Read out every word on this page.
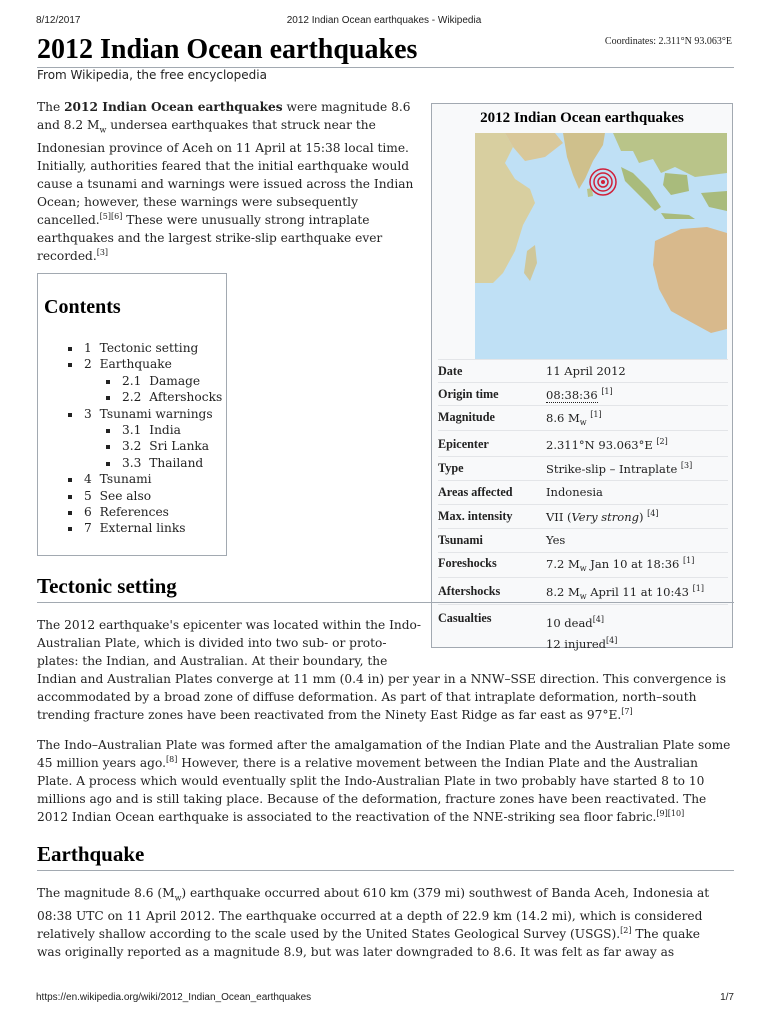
8/12/2017	2012 Indian Ocean earthquakes - Wikipedia
Coordinates: 2.311°N 93.063°E
2012 Indian Ocean earthquakes
From Wikipedia, the free encyclopedia

The 2012 Indian Ocean earthquakes were magnitude 8.6
and 8.2 $M_w$ undersea earthquakes that struck near the
Indonesian province of Aceh on 11 April at 15:38 local time.
Initially, authorities feared that the initial earthquake would
cause a tsunami and warnings were issued across the Indian
Ocean; however, these warnings were subsequently
cancelled.[5][6] These were unusually strong intraplate
earthquakes and the largest strike-slip earthquake ever
recorded.[3]

Contents
1 Tectonic setting
2 Earthquake
2.1 Damage
2.2 Aftershocks
3 Tsunami warnings
3.1 India
3.2 Sri Lanka
3.3 Thailand
4 Tsunami
5 See also
6 References
7 External links
2012 Indian Ocean earthquakes
Date	11 April 2012
Origin time	08:38:36 [1]
Magnitude	8.6 $M_w$ [1]
Epicenter	2.311°N 93.063°E [2]
Type	Strike-slip – Intraplate [3]
Areas affected	Indonesia
Max. intensity	VII (Very strong) [4]
Tsunami	Yes
Foreshocks	7.2 $M_w$ Jan 10 at 18:36 [1]
Aftershocks	8.2 $M_w$ April 11 at 10:43 [1]
Casualties	10 dead[4]
12 injured[4]
Tectonic setting

The 2012 earthquake's epicenter was located within the Indo-
Australian Plate, which is divided into two sub- or proto-
plates: the Indian, and Australian. At their boundary, the
Indian and Australian Plates converge at 11 mm (0.4 in) per year in a NNW–SSE direction. This convergence is
accommodated by a broad zone of diffuse deformation. As part of that intraplate deformation, north–south
trending fracture zones have been reactivated from the Ninety East Ridge as far east as 97°E.[7]

The Indo–Australian Plate was formed after the amalgamation of the Indian Plate and the Australian Plate some
45 million years ago.[8] However, there is a relative movement between the Indian Plate and the Australian
Plate. A process which would eventually split the Indo-Australian Plate in two probably have started 8 to 10
millions ago and is still taking place. Because of the deformation, fracture zones have been reactivated. The
2012 Indian Ocean earthquake is associated to the reactivation of the NNE-striking sea floor fabric.[9][10]

Earthquake

The magnitude 8.6 $(M_w)$ earthquake occurred about 610 km (379 mi) southwest of Banda Aceh, Indonesia at
08:38 UTC on 11 April 2012. The earthquake occurred at a depth of 22.9 km (14.2 mi), which is considered
relatively shallow according to the scale used by the United States Geological Survey (USGS).[2] The quake
was originally reported as a magnitude 8.9, but was later downgraded to 8.6. It was felt as far away as

https://en.wikipedia.org/wiki/2012_Indian_Ocean_earthquakes	1/7
